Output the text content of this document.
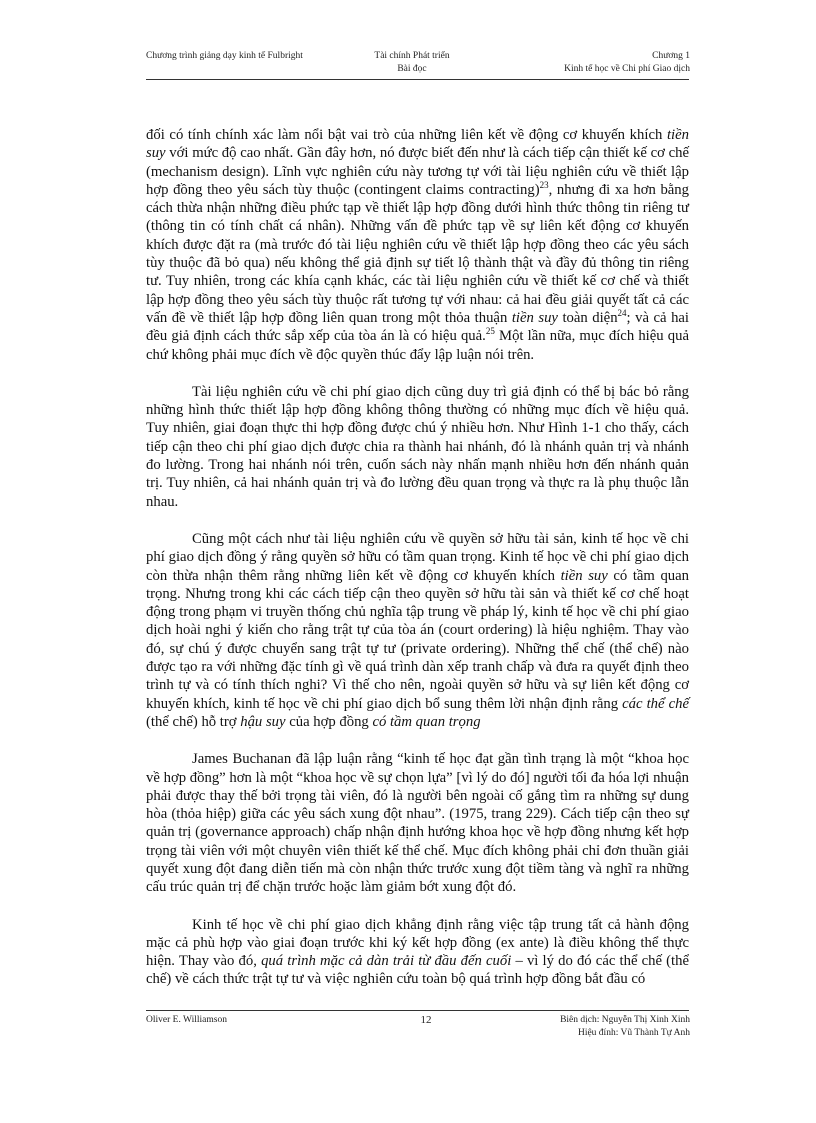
Chương trình giảng dạy kinh tế Fulbright	Tài chính Phát triển
Bài đọc
Chương 1
Kinh tế học về Chi phí Giao dịch

đối có tính chính xác làm nổi bật vai trò của những liên kết về động cơ khuyến khích tiền suy với mức độ cao nhất. Gần đây hơn, nó được biết đến như là cách tiếp cận thiết kế cơ chế (mechanism design). Lĩnh vực nghiên cứu này tương tự với tài liệu nghiên cứu về thiết lập hợp đồng theo yêu sách tùy thuộc (contingent claims contracting)$^{23}$, nhưng đi xa hơn bằng cách thừa nhận những điều phức tạp về thiết lập hợp đồng dưới hình thức thông tin riêng tư (thông tin có tính chất cá nhân). Những vấn đề phức tạp về sự liên kết động cơ khuyến khích được đặt ra (mà trước đó tài liệu nghiên cứu về thiết lập hợp đồng theo các yêu sách tùy thuộc đã bỏ qua) nếu không thể giả định sự tiết lộ thành thật và đầy đủ thông tin riêng tư. Tuy nhiên, trong các khía cạnh khác, các tài liệu nghiên cứu về thiết kế cơ chế và thiết lập hợp đồng theo yêu sách tùy thuộc rất tương tự với nhau: cả hai đều giải quyết tất cả các vấn đề về thiết lập hợp đồng liên quan trong một thỏa thuận tiền suy toàn diện$^{24}$; và cả hai đều giả định cách thức sắp xếp của tòa án là có hiệu quả.$^{25}$ Một lần nữa, mục đích hiệu quả chứ không phải mục đích về độc quyền thúc đẩy lập luận nói trên.

Tài liệu nghiên cứu về chi phí giao dịch cũng duy trì giả định có thể bị bác bỏ rằng những hình thức thiết lập hợp đồng không thông thường có những mục đích về hiệu quả. Tuy nhiên, giai đoạn thực thi hợp đồng được chú ý nhiều hơn. Như Hình 1-1 cho thấy, cách tiếp cận theo chi phí giao dịch được chia ra thành hai nhánh, đó là nhánh quản trị và nhánh đo lường. Trong hai nhánh nói trên, cuốn sách này nhấn mạnh nhiều hơn đến nhánh quản trị. Tuy nhiên, cả hai nhánh quản trị và đo lường đều quan trọng và thực ra là phụ thuộc lẫn nhau.

Cũng một cách như tài liệu nghiên cứu về quyền sở hữu tài sản, kinh tế học về chi phí giao dịch đồng ý rằng quyền sở hữu có tầm quan trọng. Kinh tế học về chi phí giao dịch còn thừa nhận thêm rằng những liên kết về động cơ khuyến khích tiền suy có tầm quan trọng. Nhưng trong khi các cách tiếp cận theo quyền sở hữu tài sản và thiết kế cơ chế hoạt động trong phạm vi truyền thống chủ nghĩa tập trung về pháp lý, kinh tế học về chi phí giao dịch hoài nghi ý kiến cho rằng trật tự của tòa án (court ordering) là hiệu nghiệm. Thay vào đó, sự chú ý được chuyển sang trật tự tư (private ordering). Những thể chế (thể chế) nào được tạo ra với những đặc tính gì về quá trình dàn xếp tranh chấp và đưa ra quyết định theo trình tự và có tính thích nghi? Vì thế cho nên, ngoài quyền sở hữu và sự liên kết động cơ khuyến khích, kinh tế học về chi phí giao dịch bổ sung thêm lời nhận định rằng các thể chế (thể chế) hỗ trợ hậu suy của hợp đồng có tầm quan trọng

James Buchanan đã lập luận rằng “kinh tế học đạt gần tình trạng là một “khoa học về hợp đồng” hơn là một “khoa học về sự chọn lựa” [vì lý do đó] người tối đa hóa lợi nhuận phải được thay thế bởi trọng tài viên, đó là người bên ngoài cố gắng tìm ra những sự dung hòa (thỏa hiệp) giữa các yêu sách xung đột nhau”. (1975, trang 229). Cách tiếp cận theo sự quản trị (governance approach) chấp nhận định hướng khoa học về hợp đồng nhưng kết hợp trọng tài viên với một chuyên viên thiết kế thể chế. Mục đích không phải chỉ đơn thuần giải quyết xung đột đang diễn tiến mà còn nhận thức trước xung đột tiềm tàng và nghĩ ra những cấu trúc quản trị để chặn trước hoặc làm giảm bớt xung đột đó.

Kinh tế học về chi phí giao dịch khẳng định rằng việc tập trung tất cả hành động mặc cả phù hợp vào giai đoạn trước khi ký kết hợp đồng (ex ante) là điều không thể thực hiện. Thay vào đó, quá trình mặc cả dàn trải từ đầu đến cuối – vì lý do đó các thể chế (thể chế) về cách thức trật tự tư và việc nghiên cứu toàn bộ quá trình hợp đồng bắt đầu có

Oliver E. Williamson	12	Biên dịch: Nguyễn Thị Xinh Xinh
Hiệu đính: Vũ Thành Tự Anh
